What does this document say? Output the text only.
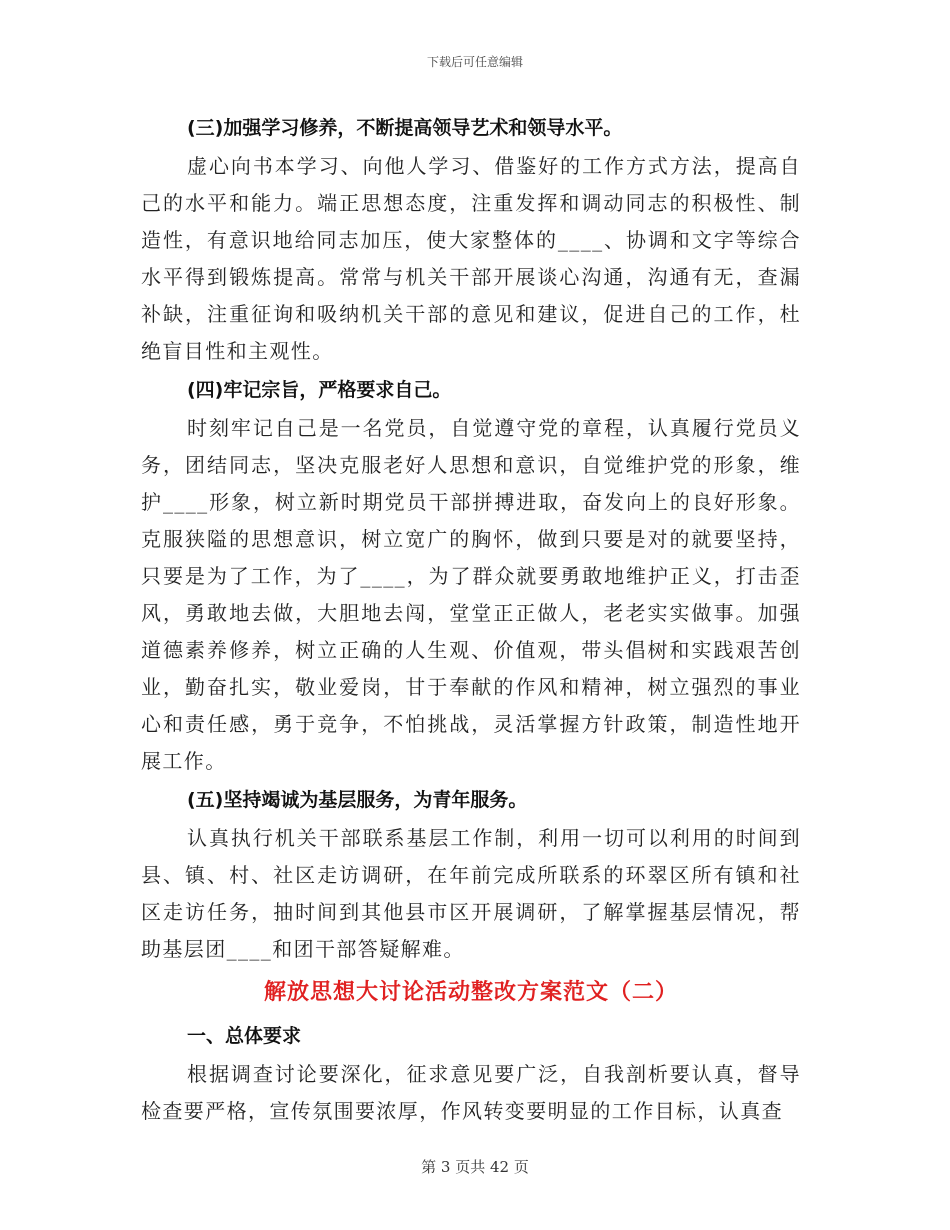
下载后可任意编辑
(三)加强学习修养，不断提高领导艺术和领导水平。

虚心向书本学习、向他人学习、借鉴好的工作方式方法，提高自己的水平和能力。端正思想态度，注重发挥和调动同志的积极性、制造性，有意识地给同志加压，使大家整体的____、协调和文字等综合水平得到锻炼提高。常常与机关干部开展谈心沟通，沟通有无，查漏补缺，注重征询和吸纳机关干部的意见和建议，促进自己的工作，杜绝盲目性和主观性。

(四)牢记宗旨，严格要求自己。

时刻牢记自己是一名党员，自觉遵守党的章程，认真履行党员义务，团结同志，坚决克服老好人思想和意识，自觉维护党的形象，维护____形象，树立新时期党员干部拼搏进取，奋发向上的良好形象。克服狭隘的思想意识，树立宽广的胸怀，做到只要是对的就要坚持，只要是为了工作，为了____，为了群众就要勇敢地维护正义，打击歪风，勇敢地去做，大胆地去闯，堂堂正正做人，老老实实做事。加强道德素养修养，树立正确的人生观、价值观，带头倡树和实践艰苦创业，勤奋扎实，敬业爱岗，甘于奉献的作风和精神，树立强烈的事业心和责任感，勇于竞争，不怕挑战，灵活掌握方针政策，制造性地开展工作。

(五)坚持竭诚为基层服务，为青年服务。

认真执行机关干部联系基层工作制，利用一切可以利用的时间到县、镇、村、社区走访调研，在年前完成所联系的环翠区所有镇和社区走访任务，抽时间到其他县市区开展调研，了解掌握基层情况，帮助基层团____和团干部答疑解难。

解放思想大讨论活动整改方案范文（二）
一、总体要求

根据调查讨论要深化，征求意见要广泛，自我剖析要认真，督导检查要严格，宣传氛围要浓厚，作风转变要明显的工作目标，认真查

第 3 页共 42 页
